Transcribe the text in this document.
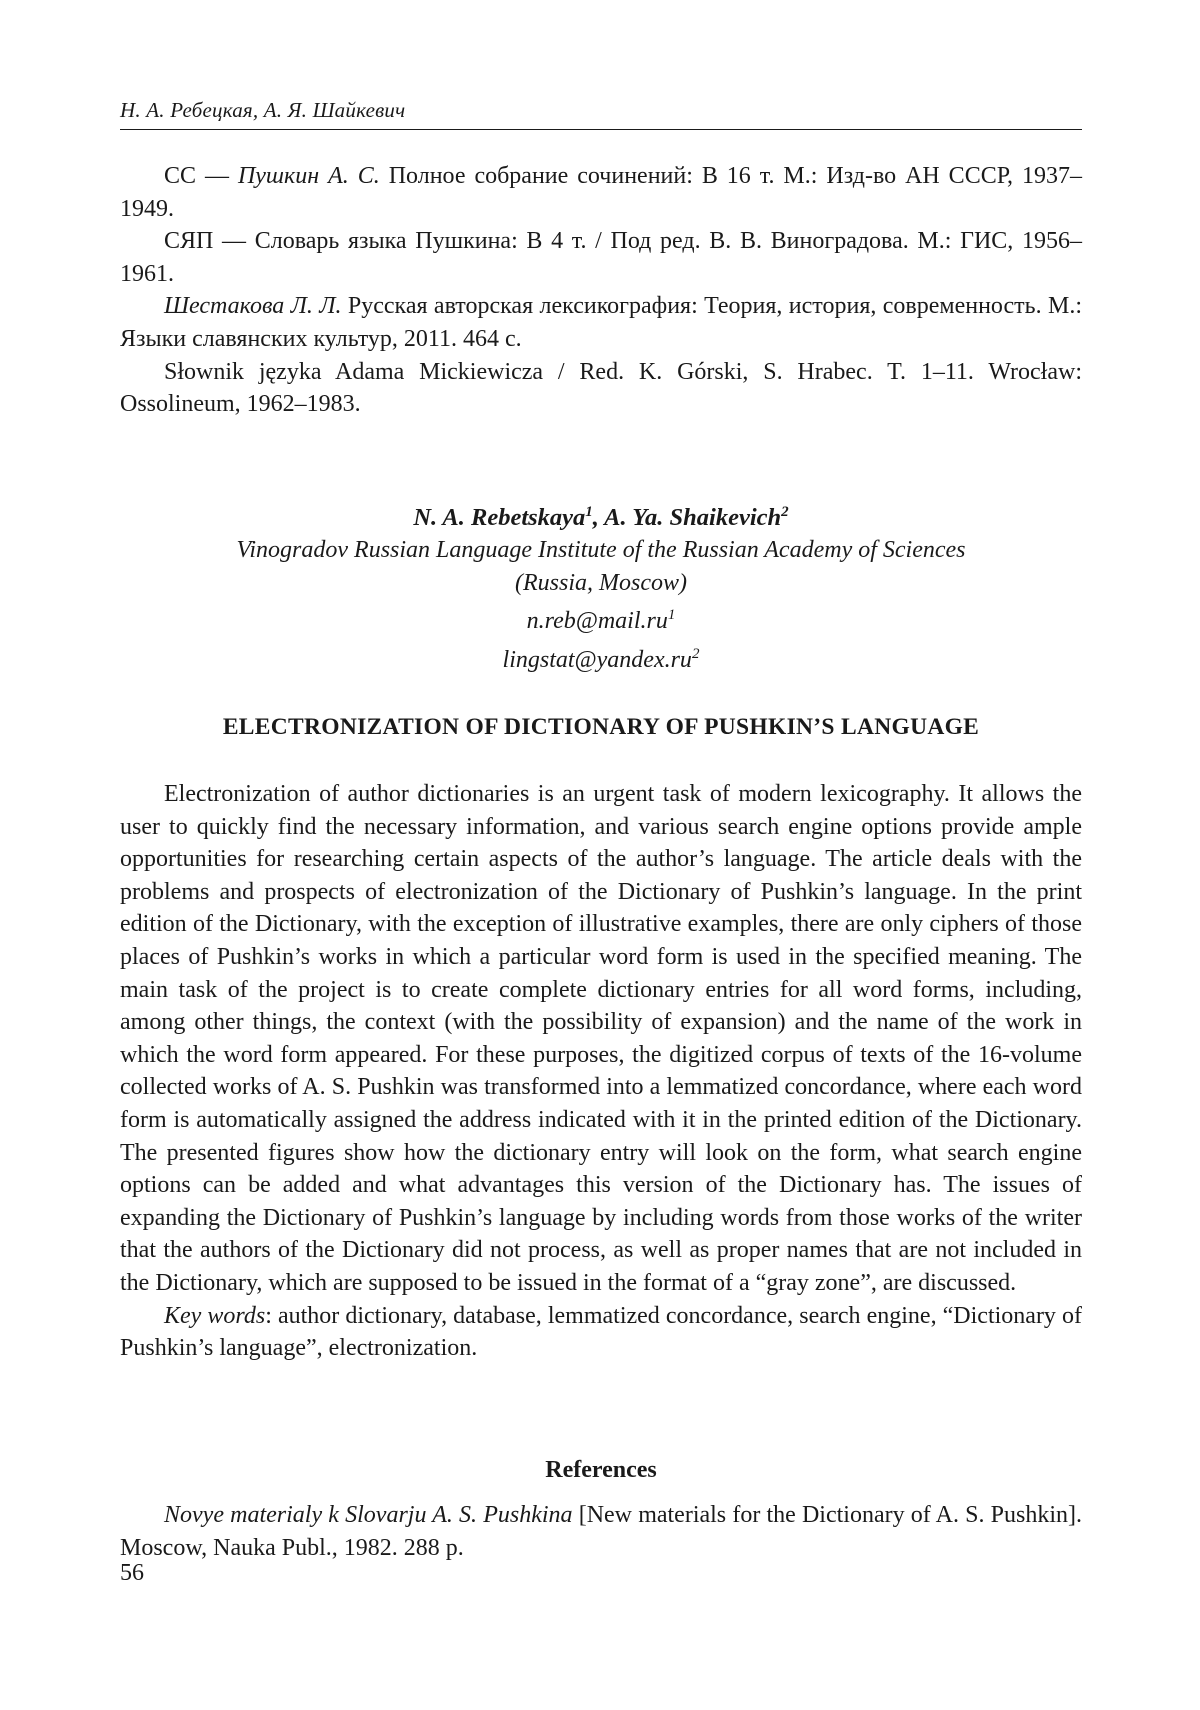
Н. А. Ребецкая, А. Я. Шайкевич

СС — Пушкин А. С. Полное собрание сочинений: В 16 т. М.: Изд-во АН СССР, 1937–1949.

СЯП — Словарь языка Пушкина: В 4 т. / Под ред. В. В. Виноградова. М.: ГИС, 1956–1961.

Шестакова Л. Л. Русская авторская лексикография: Теория, история, современность. М.: Языки славянских культур, 2011. 464 с.

Słownik języka Adama Mickiewicza / Red. K. Górski, S. Hrabec. T. 1–11. Wrocław: Ossolineum, 1962–1983.

N. A. Rebetskaya$^1$, A. Ya. Shaikevich$^2$
Vinogradov Russian Language Institute of the Russian Academy of Sciences
(Russia, Moscow)
$n.reb@mail.ru^1$
$lingstat@yandex.ru^2$
ELECTRONIZATION OF DICTIONARY OF PUSHKIN’S LANGUAGE

Electronization of author dictionaries is an urgent task of modern lexicography. It allows the user to quickly find the necessary information, and various search engine options provide ample opportunities for researching certain aspects of the author’s language. The article deals with the problems and prospects of electronization of the Dictionary of Pushkin’s language. In the print edition of the Dictionary, with the exception of illustrative examples, there are only ciphers of those places of Pushkin’s works in which a particular word form is used in the specified meaning. The main task of the project is to create complete dictionary entries for all word forms, including, among other things, the context (with the possibility of expansion) and the name of the work in which the word form appeared. For these purposes, the digitized corpus of texts of the 16-volume collected works of A. S. Pushkin was transformed into a lemmatized concordance, where each word form is automatically assigned the address indicated with it in the printed edition of the Dictionary. The presented figures show how the dictionary entry will look on the form, what search engine options can be added and what advantages this version of the Dictionary has. The issues of expanding the Dictionary of Pushkin’s language by including words from those works of the writer that the authors of the Dictionary did not process, as well as proper names that are not included in the Dictionary, which are supposed to be issued in the format of a “gray zone”, are discussed.

Key words: author dictionary, database, lemmatized concordance, search engine, “Dictionary of Pushkin’s language”, electronization.

References

Novye materialy k Slovarju A. S. Pushkina [New materials for the Dictionary of A. S. Pushkin]. Moscow, Nauka Publ., 1982. 288 p.

56
